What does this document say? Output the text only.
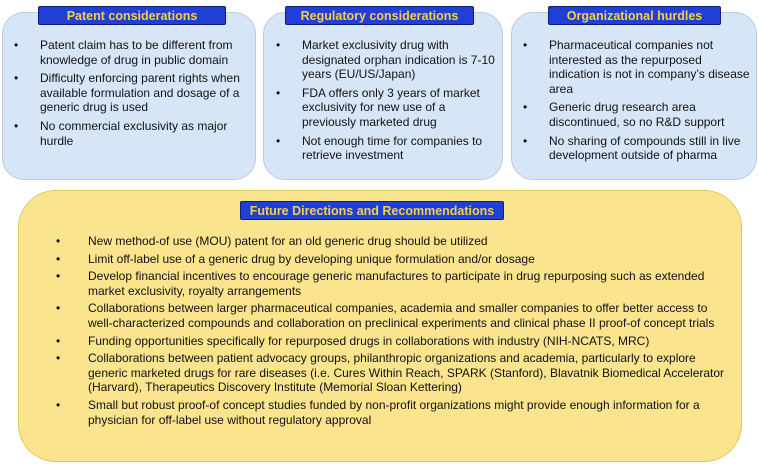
Patent considerations	Regulatory considerations	Organizational hurdles
Future Directions and Recommendations
• Patent claim has to be different from knowledge of drug in public domain
• Difficulty enforcing parent rights when available formulation and dosage of a generic drug is used
• No commercial exclusivity as major hurdle
• Market exclusivity drug with designated orphan indication is 7-10 years (EU/US/Japan)
• FDA offers only 3 years of market exclusivity for new use of a previously marketed drug
• Not enough time for companies to retrieve investment
• Pharmaceutical companies not interested as the repurposed indication is not in company’s disease area
• Generic drug research area discontinued, so no R&D support
• No sharing of compounds still in live development outside of pharma
• New method-of use (MOU) patent for an old generic drug should be utilized
• Limit off-label use of a generic drug by developing unique formulation and/or dosage
• Develop financial incentives to encourage generic manufactures to participate in drug repurposing such as extended market exclusivity, royalty arrangements
• Collaborations between larger pharmaceutical companies, academia and smaller companies to offer better access to well-characterized compounds and collaboration on preclinical experiments and clinical phase II proof-of concept trials
• Funding opportunities specifically for repurposed drugs in collaborations with industry (NIH-NCATS, MRC)
• Collaborations between patient advocacy groups, philanthropic organizations and academia, particularly to explore generic marketed drugs for rare diseases (i.e. Cures Within Reach, SPARK (Stanford), Blavatnik Biomedical Accelerator (Harvard), Therapeutics Discovery Institute (Memorial Sloan Kettering)
• Small but robust proof-of concept studies funded by non-profit organizations might provide enough information for a physician for off-label use without regulatory approval
